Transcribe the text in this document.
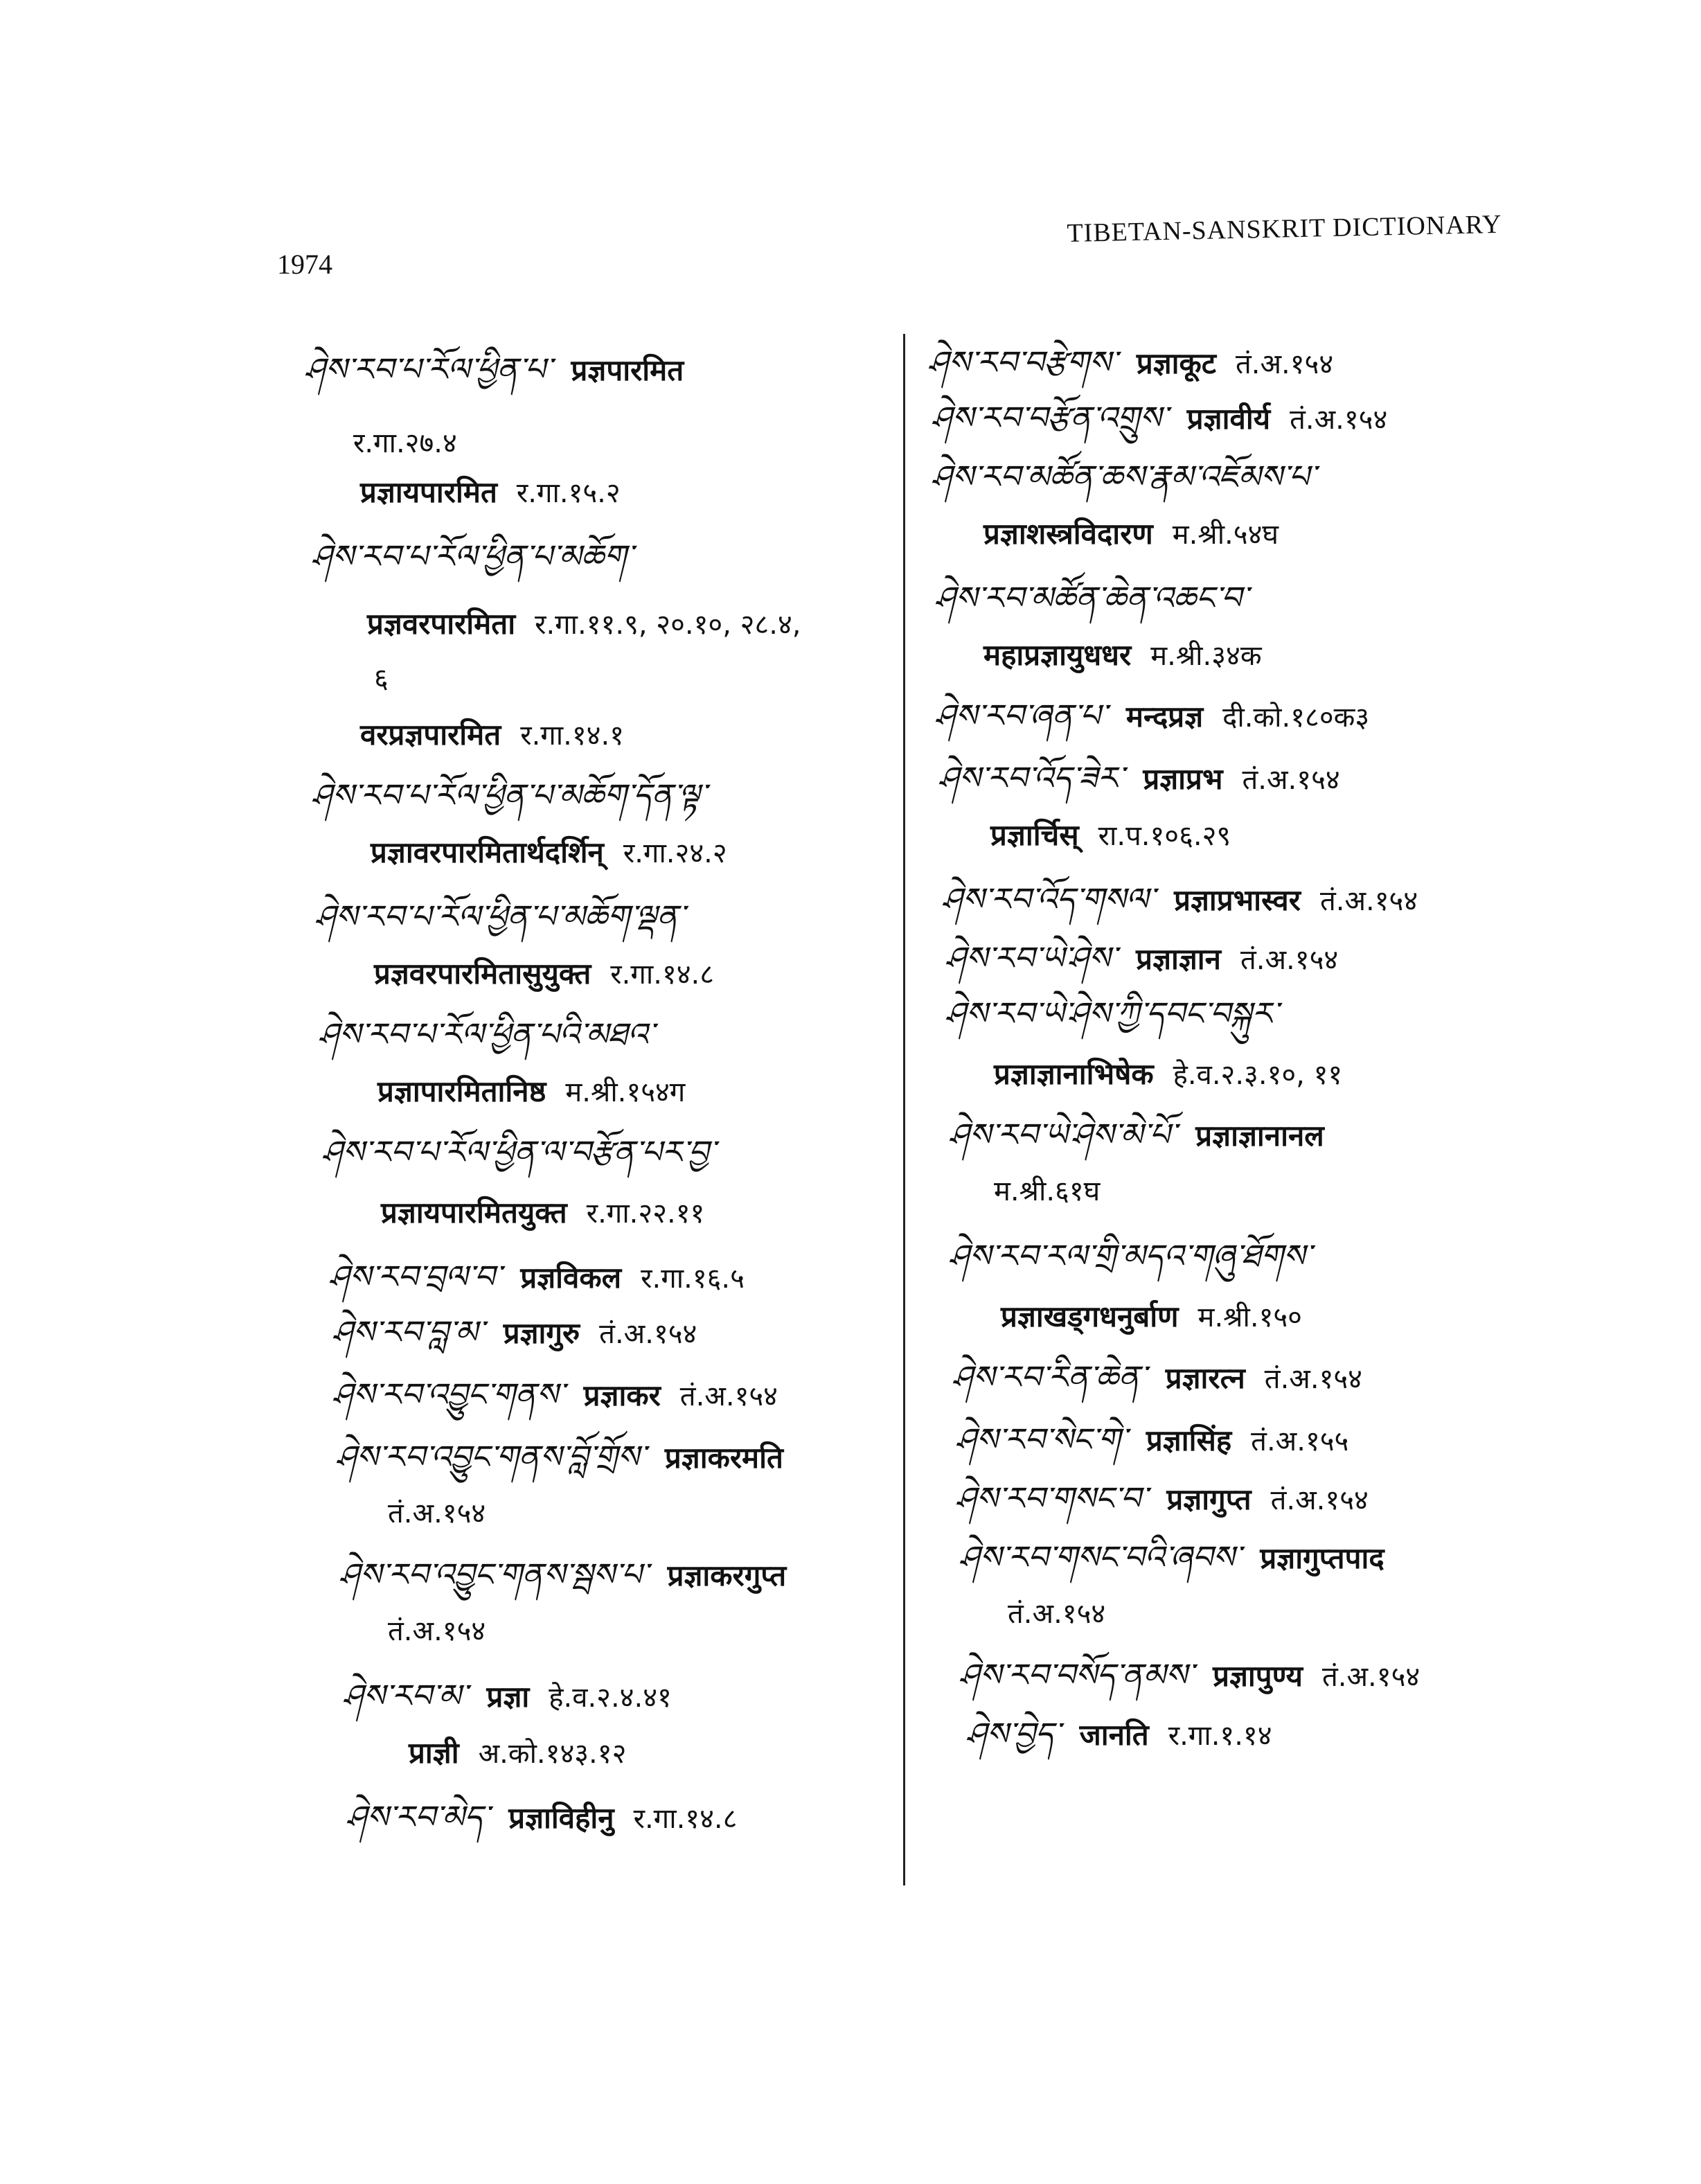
1974
TIBETAN-SANSKRIT DICTIONARY
ཤེས་རབ་པ་རོལ་ཕྱིན་པ་ प्रज्ञपारमित
र.गा.२७.४
प्रज्ञायपारमित र.गा.१५.२
ཤེས་རབ་པ་རོལ་ཕྱིན་པ་མཆོག་
प्रज्ञवरपारमिता र.गा.११.९, २०.१०, २८.४,
६
वरप्रज्ञपारमित र.गा.१४.१
ཤེས་རབ་པ་རོལ་ཕྱིན་པ་མཆོག་དོན་ལྟ་
प्रज्ञावरपारमितार्थदर्शिन् र.गा.२४.२
ཤེས་རབ་པ་རོལ་ཕྱིན་པ་མཆོག་ལྡན་
प्रज्ञवरपारमितासुयुक्त र.गा.१४.८
ཤེས་རབ་པ་རོལ་ཕྱིན་པའི་མཐའ་
प्रज्ञापारमितानिष्ठ म.श्री.१५४ग
ཤེས་རབ་པ་རོལ་ཕྱིན་ལ་བརྩོན་པར་བྱ་
प्रज्ञायपारमितयुक्त र.गा.२२.११
ཤེས་རབ་བྲལ་བ་ प्रज्ञविकल र.गा.१६.५
ཤེས་རབ་བླ་མ་ प्रज्ञागुरु तं.अ.१५४
ཤེས་རབ་འབྱུང་གནས་ प्रज्ञाकर तं.अ.१५४
ཤེས་རབ་འབྱུང་གནས་བློ་གྲོས་ प्रज्ञाकरमति
तं.अ.१५४
ཤེས་རབ་འབྱུང་གནས་སྦས་པ་ प्रज्ञाकरगुप्त
तं.अ.१५४
ཤེས་རབ་མ་ प्रज्ञा हे.व.२.४.४१
प्राज्ञी अ.को.१४३.१२
ཤེས་རབ་མེད་ प्रज्ञाविहीनु र.गा.१४.८
ཤེས་རབ་བརྩེགས་ प्रज्ञाकूट तं.अ.१५४
ཤེས་རབ་བརྩོན་འགྲུས་ प्रज्ञावीर्य तं.अ.१५४
ཤེས་རབ་མཚོན་ཆས་རྣམ་འཇོམས་པ་
प्रज्ञाशस्त्रविदारण म.श्री.५४घ
ཤེས་རབ་མཚོན་ཆེན་འཆང་བ་
महाप्रज्ञायुधधर म.श्री.३४क
ཤེས་རབ་ཞན་པ་ मन्दप्रज्ञ दी.को.१८०क३
ཤེས་རབ་འོད་ཟེར་ प्रज्ञाप्रभ तं.अ.१५४
प्रज्ञार्चिस् रा.प.१०६.२९
ཤེས་རབ་འོད་གསལ་ प्रज्ञाप्रभास्वर तं.अ.१५४
ཤེས་རབ་ཡེ་ཤེས་ प्रज्ञाज्ञान तं.अ.१५४
ཤེས་རབ་ཡེ་ཤེས་ཀྱི་དབང་བསྐུར་
प्रज्ञाज्ञानाभिषेक हे.व.२.३.१०, ११
ཤེས་རབ་ཡེ་ཤེས་མེ་པོ་ प्रज्ञाज्ञानानल
म.श्री.६१घ
ཤེས་རབ་རལ་གྲི་མདའ་གཞུ་ཐོགས་
प्रज्ञाखड्गधनुर्बाण म.श्री.१५०
ཤེས་རབ་རིན་ཆེན་ प्रज्ञारत्न तं.अ.१५४
ཤེས་རབ་སེང་གེ་ प्रज्ञासिंह तं.अ.१५५
ཤེས་རབ་གསང་བ་ प्रज्ञागुप्त तं.अ.१५४
ཤེས་རབ་གསང་བའི་ཞབས་ प्रज्ञागुप्तपाद
तं.अ.१५४
ཤེས་རབ་བསོད་ནམས་ प्रज्ञापुण्य तं.अ.१५४
ཤེས་བྱེད་ जानति र.गा.१.१४
